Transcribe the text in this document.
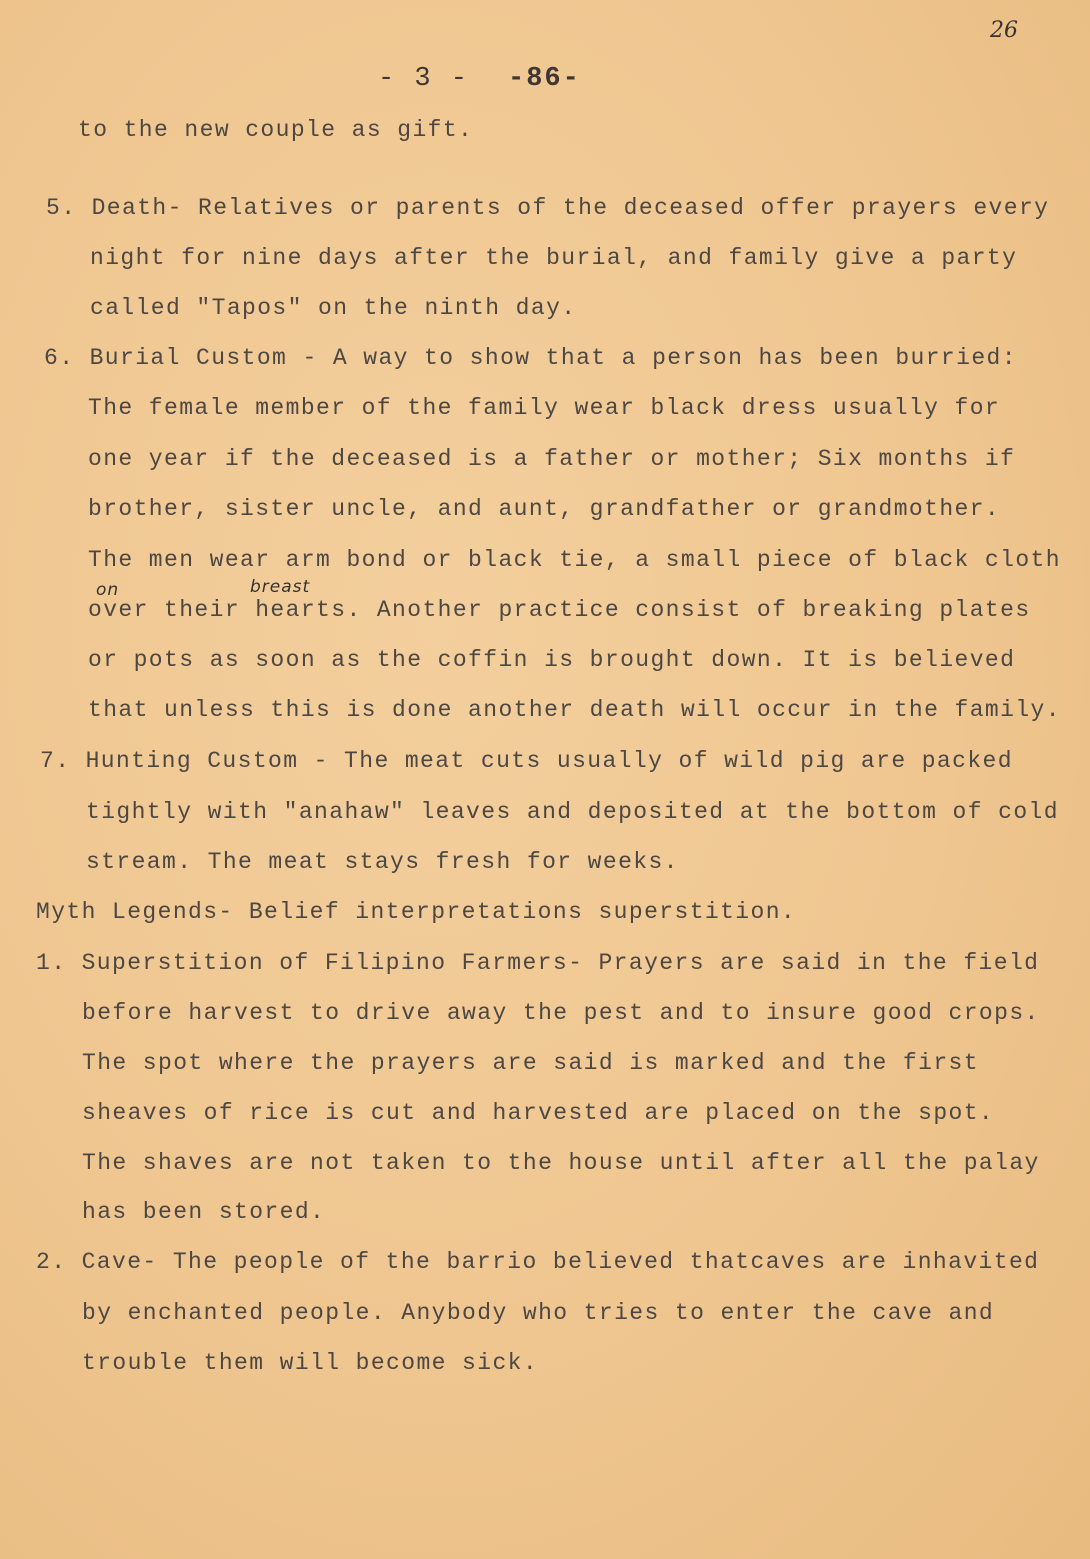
26
- 3 - -86-
to the new couple as gift.
5. Death- Relatives or parents of the deceased offer prayers every
night for nine days after the burial, and family give a party
called "Tapos" on the ninth day.
6. Burial Custom - A way to show that a person has been burried:
The female member of the family wear black dress usually for
one year if the deceased is a father or mother; Six months if
brother, sister uncle, and aunt, grandfather or grandmother.
The men wear arm bond or black tie, a small piece of black cloth
on	breast
over their hearts. Another practice consist of breaking plates
or pots as soon as the coffin is brought down. It is believed
that unless this is done another death will occur in the family.
7. Hunting Custom - The meat cuts usually of wild pig are packed
tightly with "anahaw" leaves and deposited at the bottom of cold
stream. The meat stays fresh for weeks.
Myth Legends- Belief interpretations superstition.
1. Superstition of Filipino Farmers- Prayers are said in the field
before harvest to drive away the pest and to insure good crops.
The spot where the prayers are said is marked and the first
sheaves of rice is cut and harvested are placed on the spot.
The shaves are not taken to the house until after all the palay
has been stored.
2. Cave- The people of the barrio believed thatcaves are inhavited
by enchanted people. Anybody who tries to enter the cave and
trouble them will become sick.
